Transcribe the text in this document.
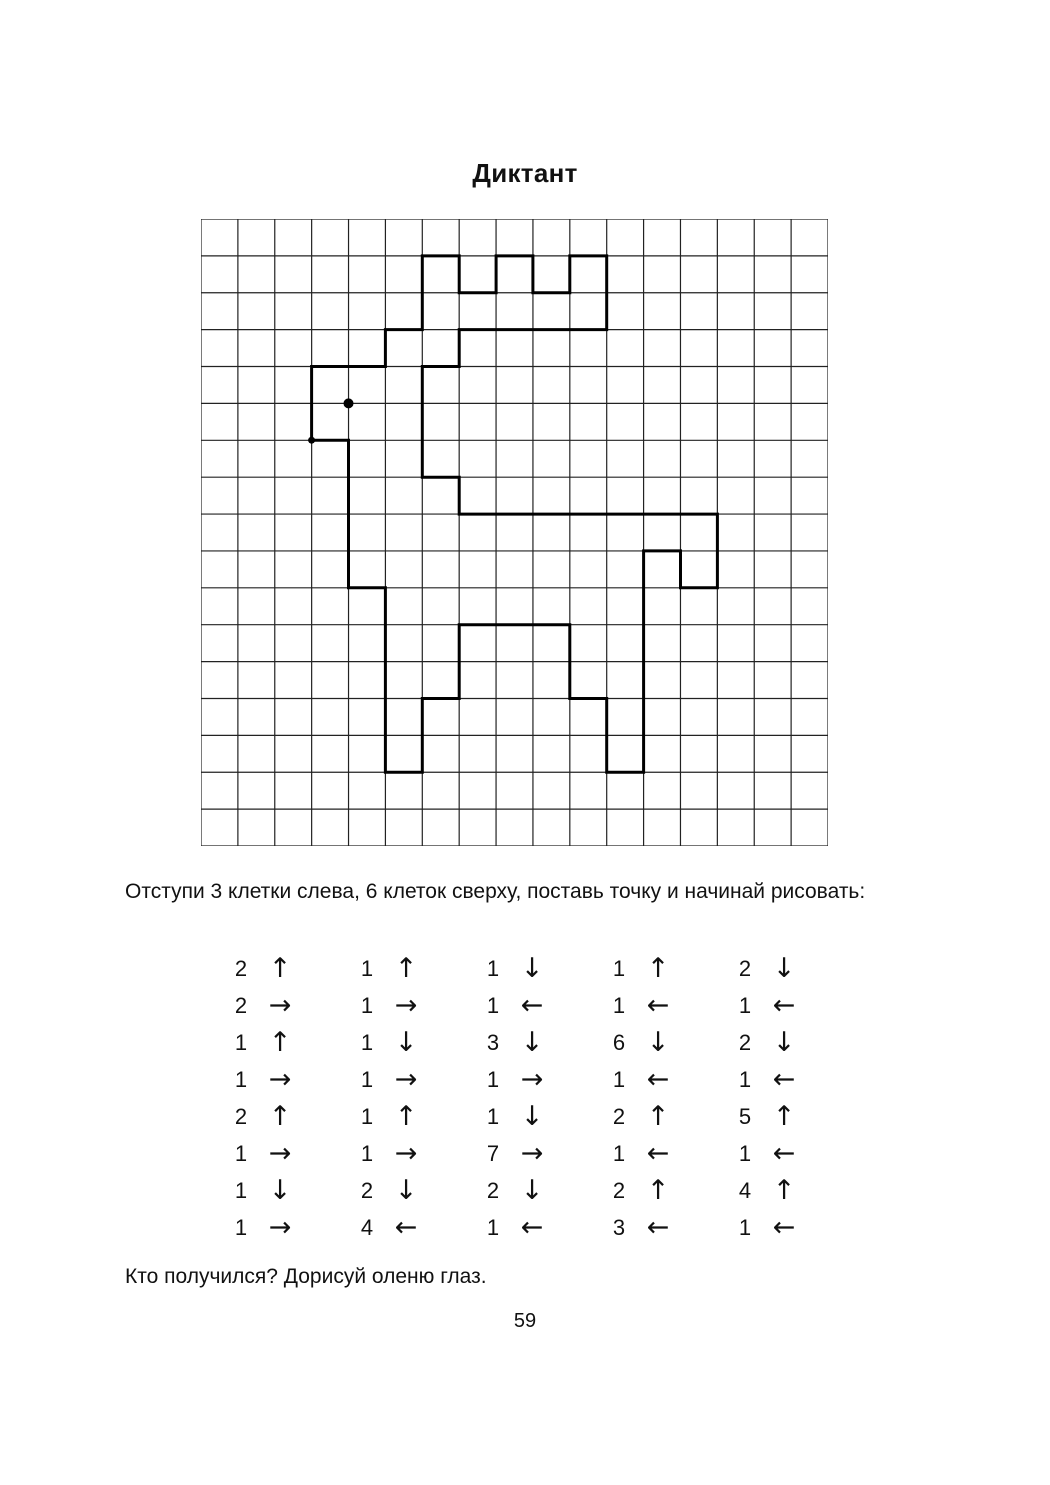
Диктант
Отступи 3 клетки слева, 6 клеток сверху, поставь точку и начинай рисовать:
2 ↑
2 →
1 ↑
1 →
2 ↑
1 →
1 ↓
1 →
1 ↑
1 →
1 ↓
1 →
1 ↑
1 →
2 ↓
4 ←
1 ↓
1 ←
3 ↓
1 →
1 ↓
7 →
2 ↓
1 ←
1 ↑
1 ←
6 ↓
1 ←
2 ↑
1 ←
2 ↑
3 ←
2 ↓
1 ←
2 ↓
1 ←
5 ↑
1 ←
4 ↑
1 ←
Кто получился? Дорисуй оленю глаз.
59
